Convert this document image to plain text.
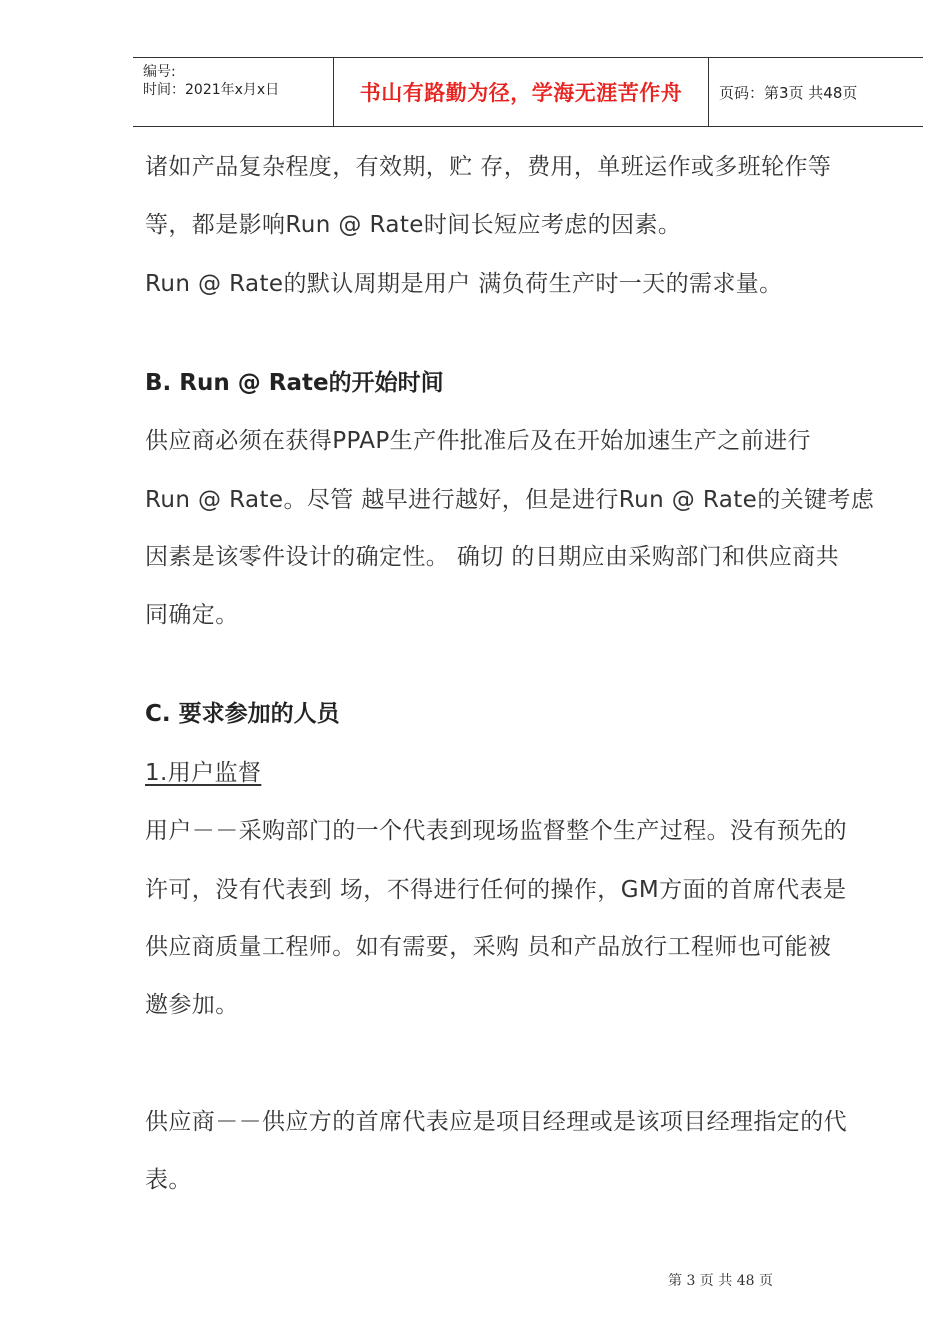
编号:
时间：2021年x月x日	书山有路勤为径，学海无涯苦作舟 页码：第3页 共48页
诸如产品复杂程度，有效期，贮 存，费用，单班运作或多班轮作等
等，都是影响Run @ Rate时间长短应考虑的因素。
Run @ Rate的默认周期是用户 满负荷生产时一天的需求量。
B. Run @ Rate的开始时间
供应商必须在获得PPAP生产件批准后及在开始加速生产之前进行
Run @ Rate。尽管 越早进行越好，但是进行Run @ Rate的关键考虑
因素是该零件设计的确定性。 确切 的日期应由采购部门和供应商共
同确定。
C. 要求参加的人员
1.用户监督
用户－－采购部门的一个代表到现场监督整个生产过程。没有预先的
许可，没有代表到 场，不得进行任何的操作，GM方面的首席代表是
供应商质量工程师。如有需要，采购 员和产品放行工程师也可能被
邀参加。
供应商－－供应方的首席代表应是项目经理或是该项目经理指定的代
表。
第 3 页 共 48 页
